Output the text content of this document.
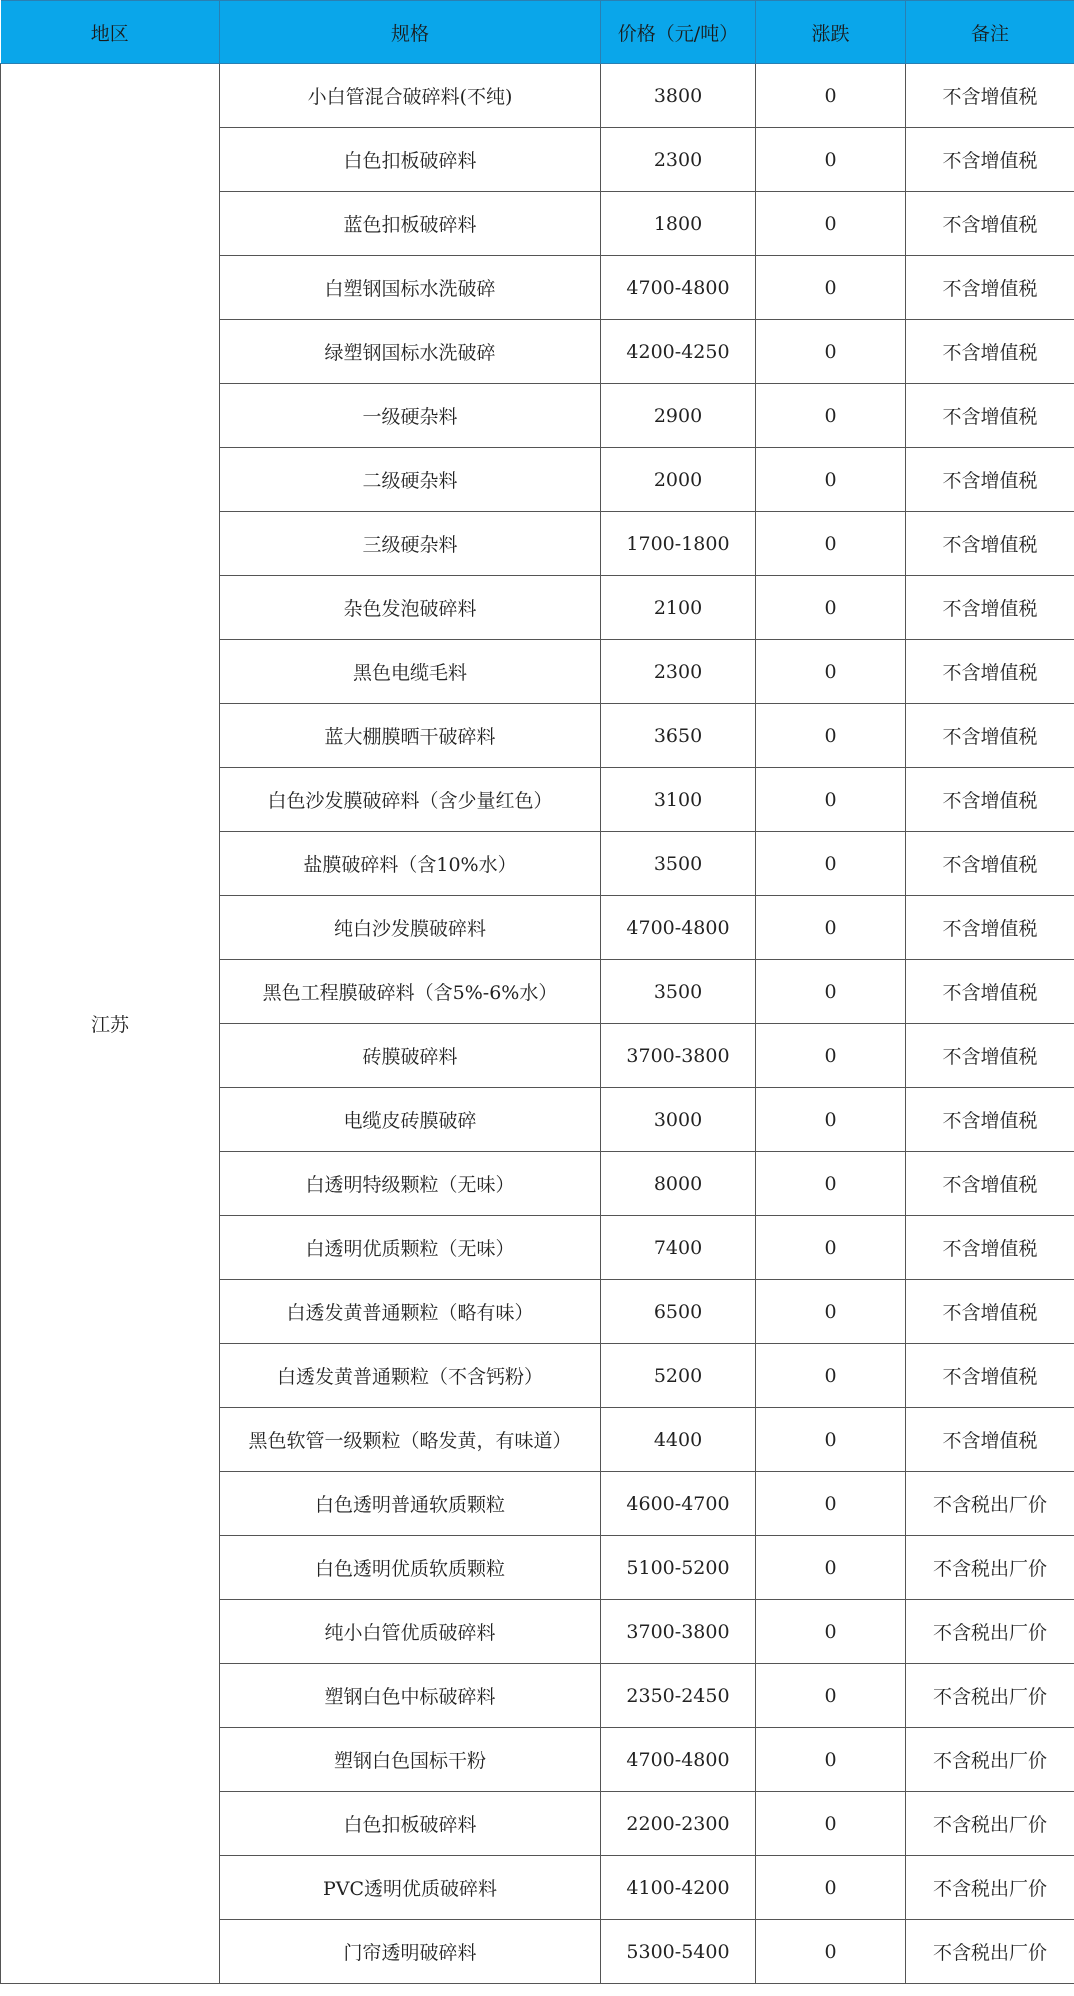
地区	规格	价格（元/吨）	涨跌	备注
江苏	小白管混合破碎料(不纯)	3800	0	不含增值税
	白色扣板破碎料	2300	0	不含增值税
	蓝色扣板破碎料	1800	0	不含增值税
	白塑钢国标水洗破碎	4700-4800	0	不含增值税
	绿塑钢国标水洗破碎	4200-4250	0	不含增值税
	一级硬杂料	2900	0	不含增值税
	二级硬杂料	2000	0	不含增值税
	三级硬杂料	1700-1800	0	不含增值税
	杂色发泡破碎料	2100	0	不含增值税
	黑色电缆毛料	2300	0	不含增值税
	蓝大棚膜晒干破碎料	3650	0	不含增值税
	白色沙发膜破碎料（含少量红色）	3100	0	不含增值税
	盐膜破碎料（含10%水）	3500	0	不含增值税
	纯白沙发膜破碎料	4700-4800	0	不含增值税
	黑色工程膜破碎料（含5%-6%水）	3500	0	不含增值税
	砖膜破碎料	3700-3800	0	不含增值税
	电缆皮砖膜破碎	3000	0	不含增值税
	白透明特级颗粒（无味）	8000	0	不含增值税
	白透明优质颗粒（无味）	7400	0	不含增值税
	白透发黄普通颗粒（略有味）	6500	0	不含增值税
	白透发黄普通颗粒（不含钙粉）	5200	0	不含增值税
	黑色软管一级颗粒（略发黄，有味道）	4400	0	不含增值税
	白色透明普通软质颗粒	4600-4700	0	不含税出厂价
	白色透明优质软质颗粒	5100-5200	0	不含税出厂价
	纯小白管优质破碎料	3700-3800	0	不含税出厂价
	塑钢白色中标破碎料	2350-2450	0	不含税出厂价
	塑钢白色国标干粉	4700-4800	0	不含税出厂价
	白色扣板破碎料	2200-2300	0	不含税出厂价
	PVC透明优质破碎料	4100-4200	0	不含税出厂价
	门帘透明破碎料	5300-5400	0	不含税出厂价
